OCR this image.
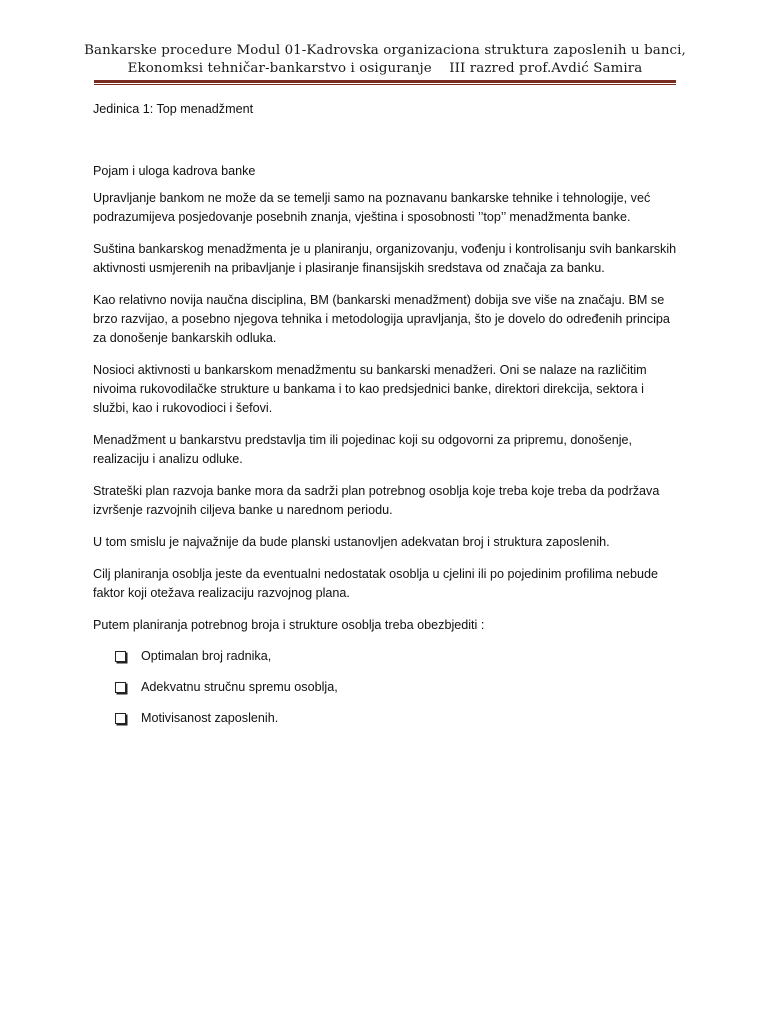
Bankarske procedure Modul 01-Kadrovska organizaciona struktura zaposlenih u banci,
Ekonomksi tehničar-bankarstvo i osiguranje    III razred prof.Avdić Samira

Jedinica 1: Top menadžment

Pojam i uloga kadrova banke

Upravljanje bankom ne može da se temelji samo na poznavanu bankarske tehnike i tehnologije, već podrazumijeva posjedovanje posebnih znanja, vještina i sposobnosti ’’top’’ menadžmenta banke.

Suština bankarskog menadžmenta je u planiranju, organizovanju, vođenju i kontrolisanju svih bankarskih aktivnosti usmjerenih na pribavljanje i plasiranje finansijskih sredstava od značaja za banku.

Kao relativno novija naučna disciplina, BM (bankarski menadžment) dobija sve više na značaju. BM se brzo razvijao, a posebno njegova tehnika i metodologija upravljanja, što je dovelo do određenih principa za donošenje bankarskih odluka.

Nosioci aktivnosti u bankarskom menadžmentu su bankarski menadžeri. Oni se nalaze na različitim nivoima rukovodilačke strukture u bankama i to kao predsjednici banke, direktori direkcija, sektora i službi, kao i rukovodioci i šefovi.

Menadžment u bankarstvu predstavlja tim ili pojedinac koji su odgovorni za pripremu, donošenje, realizaciju i analizu odluke.

Strateški plan razvoja banke mora da sadrži plan potrebnog osoblja koje treba koje treba da podržava izvršenje razvojnih ciljeva banke u narednom periodu.

U tom smislu je najvažnije da bude planski ustanovljen adekvatan broj i struktura zaposlenih.

Cilj planiranja osoblja jeste da eventualni nedostatak osoblja u cjelini ili po pojedinim profilima nebude faktor koji otežava realizaciju razvojnog plana.

Putem planiranja potrebnog broja i strukture osoblja treba obezbjediti :

Optimalan broj radnika,
Adekvatnu stručnu spremu osoblja,
Motivisanost zaposlenih.
